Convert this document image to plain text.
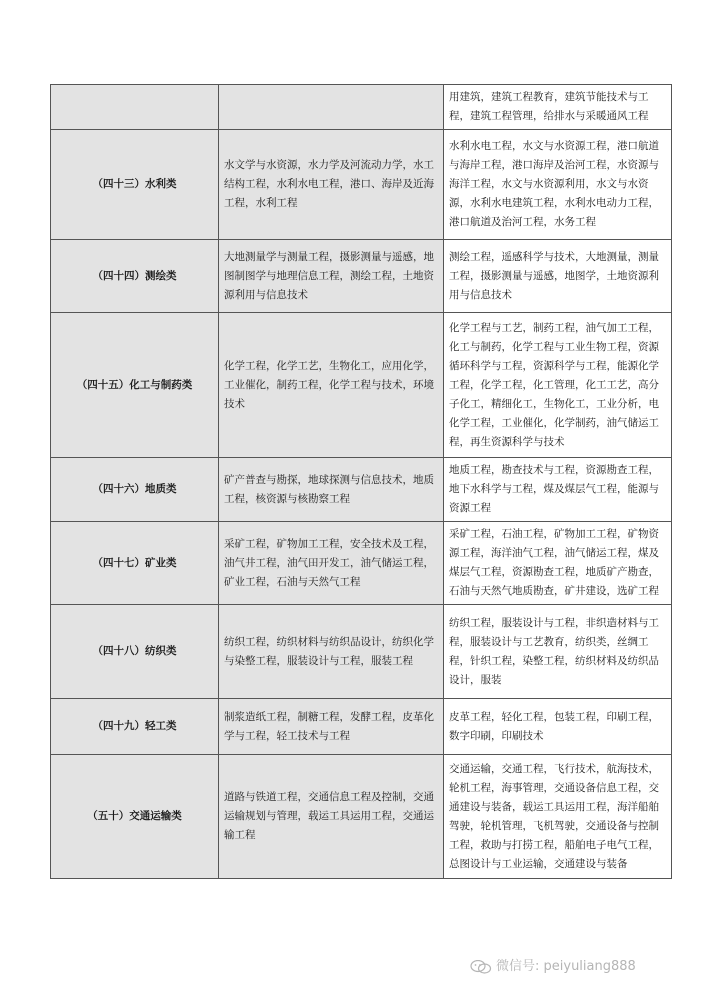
		用建筑，建筑工程教育，建筑节能技术与工程，建筑工程管理，给排水与采暖通风工程
（四十三）水利类	水文学与水资源，水力学及河流动力学，水工结构工程，水利水电工程，港口、海岸及近海工程，水利工程	水利水电工程，水文与水资源工程，港口航道与海岸工程，港口海岸及治河工程，水资源与海洋工程，水文与水资源利用，水文与水资源，水利水电建筑工程，水利水电动力工程，港口航道及治河工程，水务工程
（四十四）测绘类	大地测量学与测量工程，摄影测量与遥感，地图制图学与地理信息工程，测绘工程，土地资源利用与信息技术	测绘工程，遥感科学与技术，大地测量，测量工程，摄影测量与遥感，地图学，土地资源利用与信息技术
（四十五）化工与制药类	化学工程，化学工艺，生物化工，应用化学，工业催化，制药工程，化学工程与技术，环境技术	化学工程与工艺，制药工程，油气加工工程，化工与制药，化学工程与工业生物工程，资源循环科学与工程，资源科学与工程，能源化学工程，化学工程，化工管理，化工工艺，高分子化工，精细化工，生物化工，工业分析，电化学工程，工业催化，化学制药，油气储运工程，再生资源科学与技术
（四十六）地质类	矿产普查与勘探，地球探测与信息技术，地质工程，核资源与核勘察工程	地质工程，勘查技术与工程，资源勘查工程，地下水科学与工程，煤及煤层气工程，能源与资源工程
（四十七）矿业类	采矿工程，矿物加工工程，安全技术及工程，油气井工程，油气田开发工，油气储运工程，矿业工程，石油与天然气工程	采矿工程，石油工程，矿物加工工程，矿物资源工程，海洋油气工程，油气储运工程，煤及煤层气工程，资源勘查工程，地质矿产勘查，石油与天然气地质勘查，矿井建设，选矿工程
（四十八）纺织类	纺织工程，纺织材料与纺织品设计，纺织化学与染整工程，服装设计与工程，服装工程	纺织工程，服装设计与工程，非织造材料与工程，服装设计与工艺教育，纺织类，丝绸工程，针织工程，染整工程，纺织材料及纺织品设计，服装
（四十九）轻工类	制浆造纸工程，制糖工程，发酵工程，皮革化学与工程，轻工技术与工程	皮革工程，轻化工程，包装工程，印刷工程，数字印刷，印刷技术
（五十）交通运输类	道路与铁道工程，交通信息工程及控制，交通运输规划与管理，载运工具运用工程，交通运输工程	交通运输，交通工程，飞行技术，航海技术，轮机工程，海事管理，交通设备信息工程，交通建设与装备，载运工具运用工程，海洋船舶驾驶，轮机管理，飞机驾驶，交通设备与控制工程，救助与打捞工程，船舶电子电气工程，总图设计与工业运输，交通建设与装备
微信号: peiyuliang888
